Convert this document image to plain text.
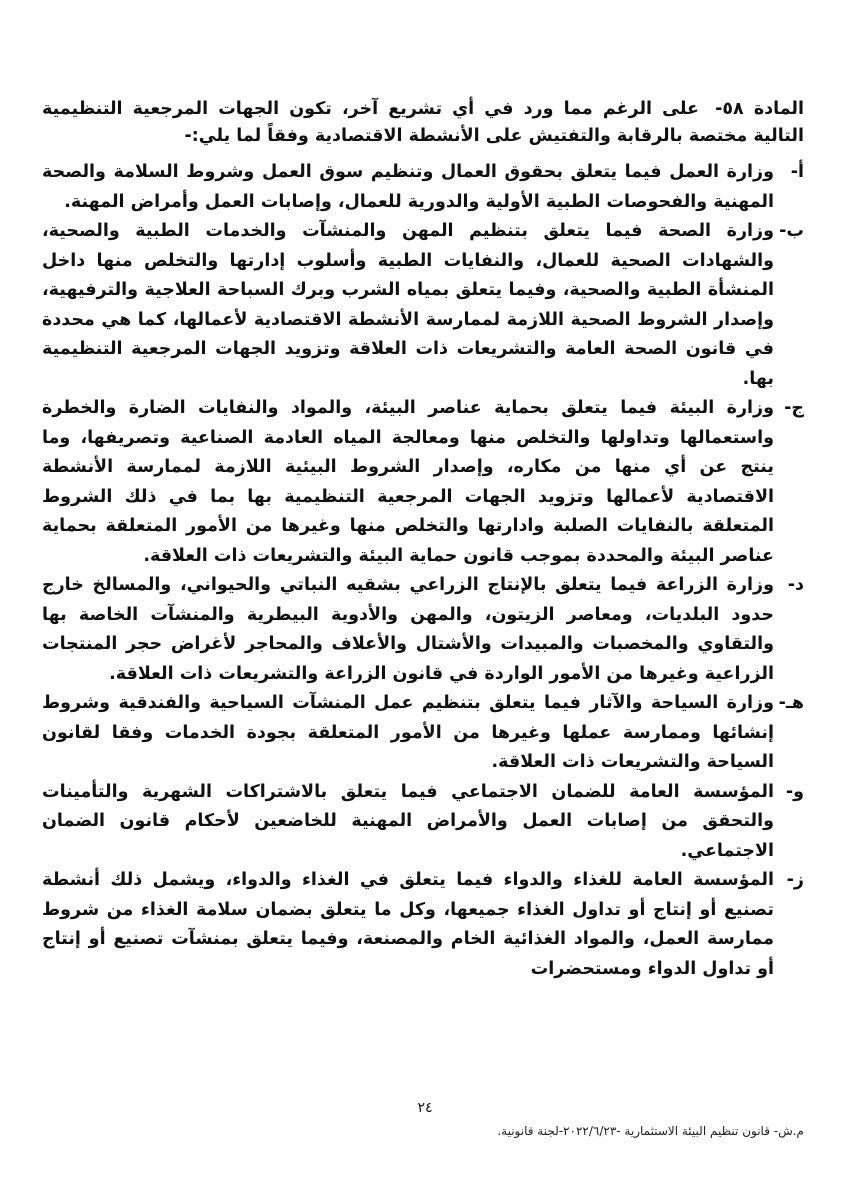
المادة ٥٨- على الرغم مما ورد في أي تشريع آخر، تكون الجهات المرجعية التنظيمية التالية مختصة بالرقابة والتفتيش على الأنشطة الاقتصادية وفقاً لما يلي:-

أ-
وزارة العمل فيما يتعلق بحقوق العمال وتنظيم سوق العمل وشروط السلامة والصحة المهنية والفحوصات الطبية الأولية والدورية للعمال، وإصابات العمل وأمراض المهنة.
ب-
وزارة الصحة فيما يتعلق بتنظيم المهن والمنشآت والخدمات الطبية والصحية، والشهادات الصحية للعمال، والنفايات الطبية وأسلوب إدارتها والتخلص منها داخل المنشأة الطبية والصحية، وفيما يتعلق بمياه الشرب وبرك السباحة العلاجية والترفيهية، وإصدار الشروط الصحية اللازمة لممارسة الأنشطة الاقتصادية لأعمالها، كما هي محددة في قانون الصحة العامة والتشريعات ذات العلاقة وتزويد الجهات المرجعية التنظيمية بها.
ج-
وزارة البيئة فيما يتعلق بحماية عناصر البيئة، والمواد والنفايات الضارة والخطرة واستعمالها وتداولها والتخلص منها ومعالجة المياه العادمة الصناعية وتصريفها، وما ينتج عن أي منها من مكاره، وإصدار الشروط البيئية اللازمة لممارسة الأنشطة الاقتصادية لأعمالها وتزويد الجهات المرجعية التنظيمية بها بما في ذلك الشروط المتعلقة بالنفايات الصلبة وادارتها والتخلص منها وغيرها من الأمور المتعلقة بحماية عناصر البيئة والمحددة بموجب قانون حماية البيئة والتشريعات ذات العلاقة.
د-
وزارة الزراعة فيما يتعلق بالإنتاج الزراعي بشقيه النباتي والحيواني، والمسالخ خارج حدود البلديات، ومعاصر الزيتون، والمهن والأدوية البيطرية والمنشآت الخاصة بها والتقاوي والمخصبات والمبيدات والأشتال والأعلاف والمحاجر لأغراض حجر المنتجات الزراعية وغيرها من الأمور الواردة في قانون الزراعة والتشريعات ذات العلاقة.
هـ-
وزارة السياحة والآثار فيما يتعلق بتنظيم عمل المنشآت السياحية والفندقية وشروط إنشائها وممارسة عملها وغيرها من الأمور المتعلقة بجودة الخدمات وفقا لقانون السياحة والتشريعات ذات العلاقة.
و-
المؤسسة العامة للضمان الاجتماعي فيما يتعلق بالاشتراكات الشهرية والتأمينات والتحقق من إصابات العمل والأمراض المهنية للخاضعين لأحكام قانون الضمان الاجتماعي.
ز-
المؤسسة العامة للغذاء والدواء فيما يتعلق في الغذاء والدواء، ويشمل ذلك أنشطة تصنيع أو إنتاج أو تداول الغذاء جميعها، وكل ما يتعلق بضمان سلامة الغذاء من شروط ممارسة العمل، والمواد الغذائية الخام والمصنعة، وفيما يتعلق بمنشآت تصنيع أو إنتاج أو تداول الدواء ومستحضرات
٢٤
م.ش- قانون تنظيم البيئة الاستثمارية -٢٠٢٢/٦/٢٣-لجنة قانونية.
